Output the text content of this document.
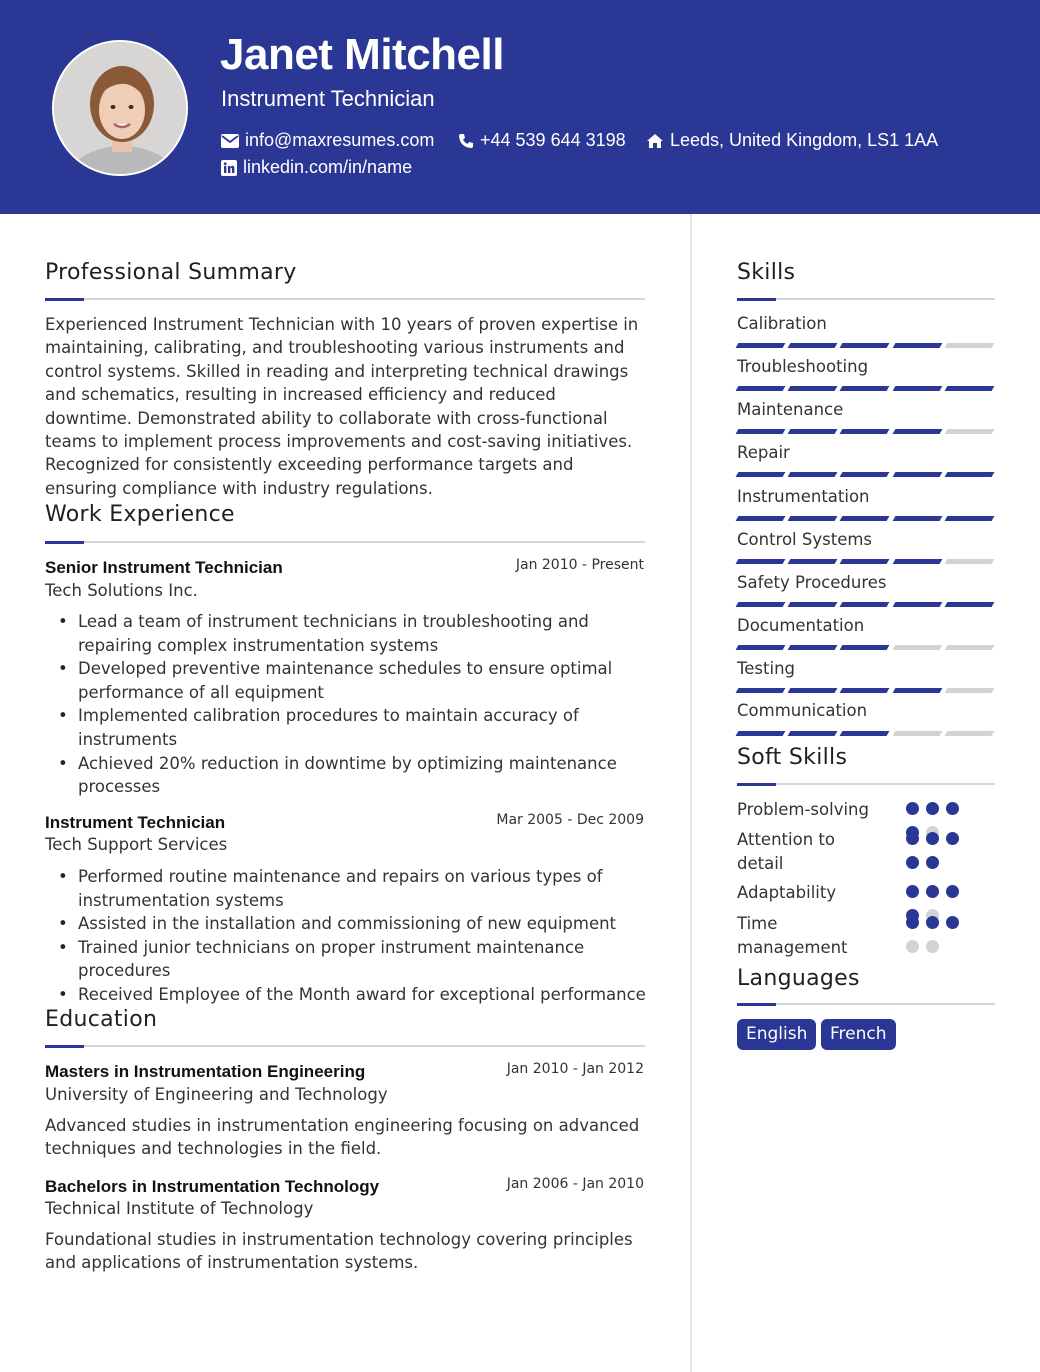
Janet Mitchell
Instrument Technician
info@maxresumes.com	+44 539 644 3198 Leeds, United Kingdom, LS1 1AA
linkedin.com/in/name
Professional Summary
Experienced Instrument Technician with 10 years of proven expertise in maintaining, calibrating, and troubleshooting various instruments and control systems. Skilled in reading and interpreting technical drawings and schematics, resulting in increased efficiency and reduced downtime. Demonstrated ability to collaborate with cross-functional teams to implement process improvements and cost-saving initiatives. Recognized for consistently exceeding performance targets and ensuring compliance with industry regulations.
Work Experience
Senior Instrument Technician	Jan 2010 - Present
Tech Solutions Inc.
• Lead a team of instrument technicians in troubleshooting and repairing complex instrumentation systems
• Developed preventive maintenance schedules to ensure optimal performance of all equipment
• Implemented calibration procedures to maintain accuracy of instruments
• Achieved 20% reduction in downtime by optimizing maintenance processes
Instrument Technician	Mar 2005 - Dec 2009
Tech Support Services
• Performed routine maintenance and repairs on various types of instrumentation systems
• Assisted in the installation and commissioning of new equipment
• Trained junior technicians on proper instrument maintenance procedures
• Received Employee of the Month award for exceptional performance
Education
Masters in Instrumentation Engineering	Jan 2010 - Jan 2012
University of Engineering and Technology
Advanced studies in instrumentation engineering focusing on advanced techniques and technologies in the field.
Bachelors in Instrumentation Technology	Jan 2006 - Jan 2010
Technical Institute of Technology
Foundational studies in instrumentation technology covering principles and applications of instrumentation systems.
Skills
Calibration
Troubleshooting
Maintenance
Repair
Instrumentation
Control Systems
Safety Procedures
Documentation
Testing
Communication
Soft Skills
Problem-solving
Attention to detail
Adaptability
Time management
Languages
English	French
